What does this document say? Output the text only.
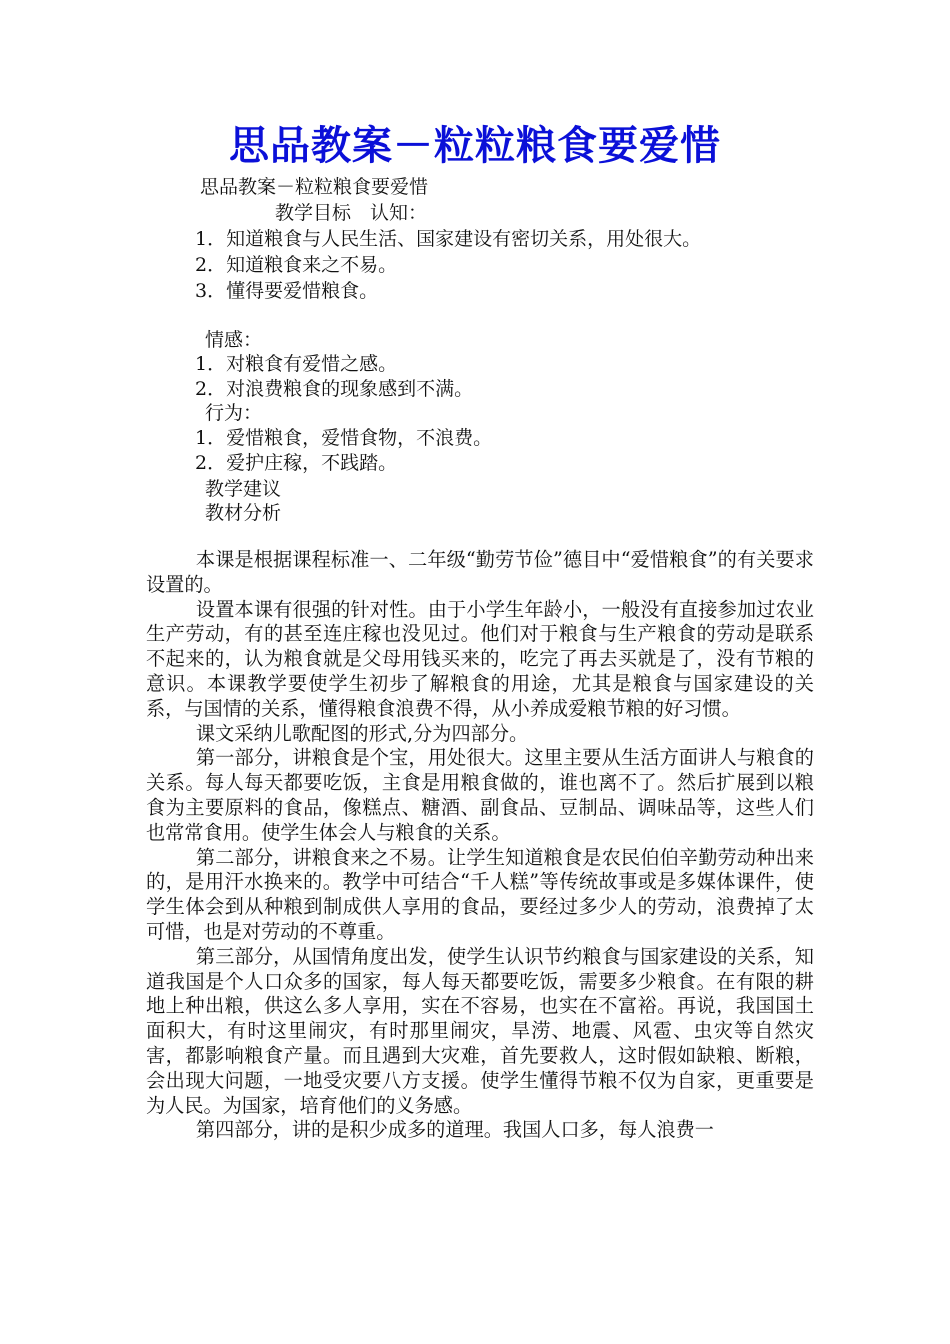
思品教案－粒粒粮食要爱惜
思品教案－粒粒粮食要爱惜
教学目标　认知：
1．知道粮食与人民生活、国家建设有密切关系，用处很大。
2．知道粮食来之不易。
3．懂得要爱惜粮食。
情感：
1．对粮食有爱惜之感。
2．对浪费粮食的现象感到不满。
行为：
1．爱惜粮食，爱惜食物，不浪费。
2．爱护庄稼，不践踏。
教学建议
教材分析

本课是根据课程标准一、二年级“勤劳节俭”德目中“爱惜粮食”的有关要求设置的。

设置本课有很强的针对性。由于小学生年龄小，一般没有直接参加过农业生产劳动，有的甚至连庄稼也没见过。他们对于粮食与生产粮食的劳动是联系不起来的，认为粮食就是父母用钱买来的，吃完了再去买就是了，没有节粮的意识。本课教学要使学生初步了解粮食的用途，尤其是粮食与国家建设的关系，与国情的关系，懂得粮食浪费不得，从小养成爱粮节粮的好习惯。

课文采纳儿歌配图的形式,分为四部分。

第一部分，讲粮食是个宝，用处很大。这里主要从生活方面讲人与粮食的关系。每人每天都要吃饭，主食是用粮食做的，谁也离不了。然后扩展到以粮食为主要原料的食品，像糕点、糖酒、副食品、豆制品、调味品等，这些人们也常常食用。使学生体会人与粮食的关系。

第二部分，讲粮食来之不易。让学生知道粮食是农民伯伯辛勤劳动种出来的，是用汗水换来的。教学中可结合“千人糕”等传统故事或是多媒体课件，使学生体会到从种粮到制成供人享用的食品，要经过多少人的劳动，浪费掉了太可惜，也是对劳动的不尊重。

第三部分，从国情角度出发，使学生认识节约粮食与国家建设的关系，知道我国是个人口众多的国家，每人每天都要吃饭，需要多少粮食。在有限的耕地上种出粮，供这么多人享用，实在不容易，也实在不富裕。再说，我国国土面积大，有时这里闹灾，有时那里闹灾，旱涝、地震、风雹、虫灾等自然灾害，都影响粮食产量。而且遇到大灾难，首先要救人，这时假如缺粮、断粮，会出现大问题，一地受灾要八方支援。使学生懂得节粮不仅为自家，更重要是为人民。为国家，培育他们的义务感。

第四部分，讲的是积少成多的道理。我国人口多，每人浪费一
